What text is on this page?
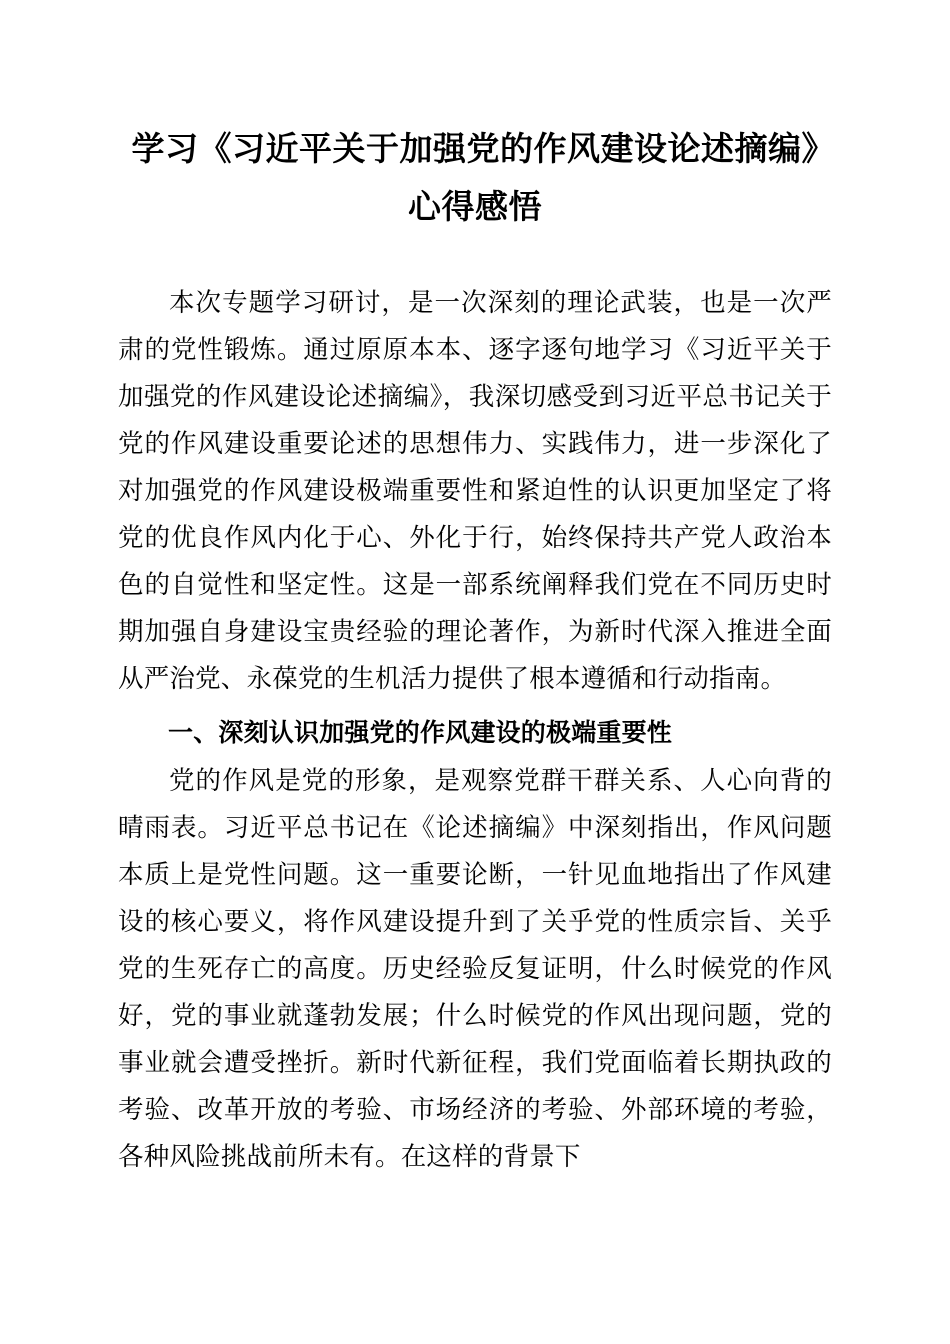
学习《习近平关于加强党的作风建设论述摘编》心得感悟

本次专题学习研讨，是一次深刻的理论武装，也是一次严肃的党性锻炼。通过原原本本、逐字逐句地学习《习近平关于加强党的作风建设论述摘编》，我深切感受到习近平总书记关于党的作风建设重要论述的思想伟力、实践伟力，进一步深化了对加强党的作风建设极端重要性和紧迫性的认识更加坚定了将党的优良作风内化于心、外化于行，始终保持共产党人政治本色的自觉性和坚定性。这是一部系统阐释我们党在不同历史时期加强自身建设宝贵经验的理论著作，为新时代深入推进全面从严治党、永葆党的生机活力提供了根本遵循和行动指南。

一、深刻认识加强党的作风建设的极端重要性

党的作风是党的形象，是观察党群干群关系、人心向背的晴雨表。习近平总书记在《论述摘编》中深刻指出，作风问题本质上是党性问题。这一重要论断，一针见血地指出了作风建设的核心要义，将作风建设提升到了关乎党的性质宗旨、关乎党的生死存亡的高度。历史经验反复证明，什么时候党的作风好，党的事业就蓬勃发展；什么时候党的作风出现问题，党的事业就会遭受挫折。新时代新征程，我们党面临着长期执政的考验、改革开放的考验、市场经济的考验、外部环境的考验，各种风险挑战前所未有。在这样的背景下
